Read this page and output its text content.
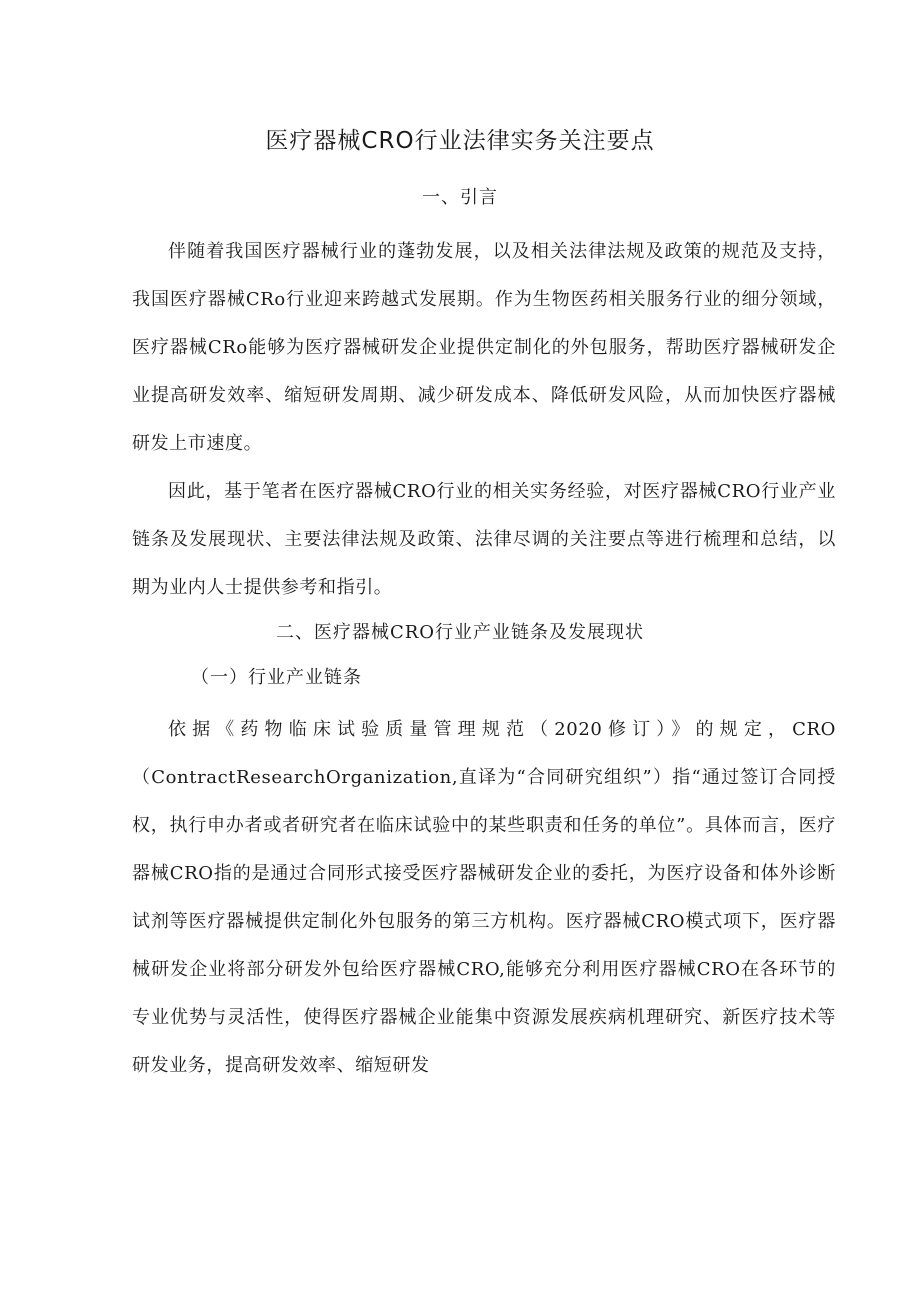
医疗器械CRO行业法律实务关注要点
一、引言

伴随着我国医疗器械行业的蓬勃发展，以及相关法律法规及政策的规范及支持，我国医疗器械CRo行业迎来跨越式发展期。作为生物医药相关服务行业的细分领域，医疗器械CRo能够为医疗器械研发企业提供定制化的外包服务，帮助医疗器械研发企业提高研发效率、缩短研发周期、减少研发成本、降低研发风险，从而加快医疗器械研发上市速度。

因此，基于笔者在医疗器械CRO行业的相关实务经验，对医疗器械CRO行业产业链条及发展现状、主要法律法规及政策、法律尽调的关注要点等进行梳理和总结，以期为业内人士提供参考和指引。

二、医疗器械CRO行业产业链条及发展现状
（一）行业产业链条

依据《药物临床试验质量管理规范（2020修订）》的规定，CRO（ContractResearchOrganization,直译为“合同研究组织”）指“通过签订合同授权，执行申办者或者研究者在临床试验中的某些职责和任务的单位”。具体而言，医疗器械CRO指的是通过合同形式接受医疗器械研发企业的委托，为医疗设备和体外诊断试剂等医疗器械提供定制化外包服务的第三方机构。医疗器械CRO模式项下，医疗器械研发企业将部分研发外包给医疗器械CRO,能够充分利用医疗器械CRO在各环节的专业优势与灵活性，使得医疗器械企业能集中资源发展疾病机理研究、新医疗技术等研发业务，提高研发效率、缩短研发
